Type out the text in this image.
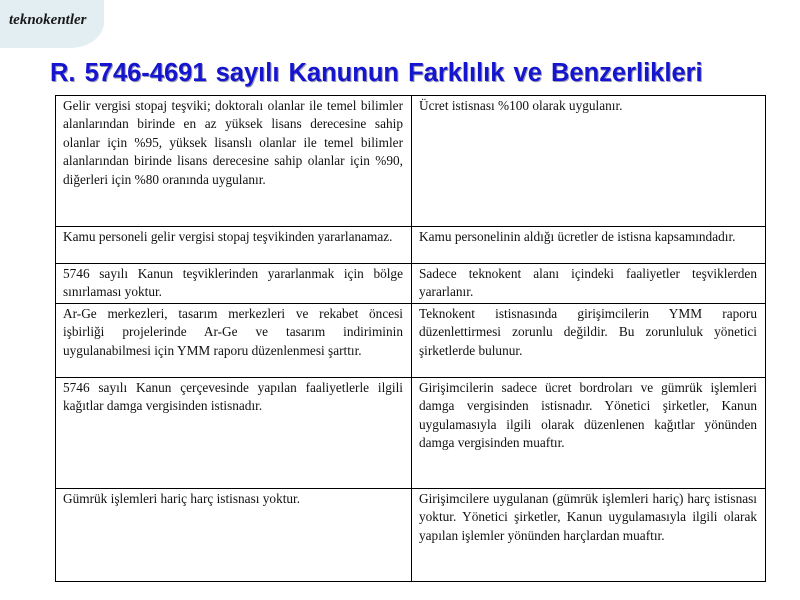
teknokentler
R. 5746-4691 sayılı Kanunun Farklılık ve Benzerlikleri
Gelir vergisi stopaj teşviki; doktoralı olanlar ile temel bilimler alanlarından birinde en az yüksek lisans derecesine sahip olanlar için %95, yüksek lisanslı olanlar ile temel bilimler alanlarından birinde lisans derecesine sahip olanlar için %90, diğerleri için %80 oranında uygulanır.	Ücret istisnası %100 olarak uygulanır.
Kamu personeli gelir vergisi stopaj teşvikinden yararlanamaz.	Kamu personelinin aldığı ücretler de istisna kapsamındadır.
5746 sayılı Kanun teşviklerinden yararlanmak için bölge sınırlaması yoktur.	Sadece teknokent alanı içindeki faaliyetler teşviklerden yararlanır.
Ar-Ge merkezleri, tasarım merkezleri ve rekabet öncesi işbirliği projelerinde Ar-Ge ve tasarım indiriminin uygulanabilmesi için YMM raporu düzenlenmesi şarttır.	Teknokent istisnasında girişimcilerin YMM raporu düzenlettirmesi zorunlu değildir. Bu zorunluluk yönetici şirketlerde bulunur.
5746 sayılı Kanun çerçevesinde yapılan faaliyetlerle ilgili kağıtlar damga vergisinden istisnadır.	Girişimcilerin sadece ücret bordroları ve gümrük işlemleri damga vergisinden istisnadır. Yönetici şirketler, Kanun uygulamasıyla ilgili olarak düzenlenen kağıtlar yönünden damga vergisinden muaftır.
Gümrük işlemleri hariç harç istisnası yoktur.	Girişimcilere uygulanan (gümrük işlemleri hariç) harç istisnası yoktur. Yönetici şirketler, Kanun uygulamasıyla ilgili olarak yapılan işlemler yönünden harçlardan muaftır.
